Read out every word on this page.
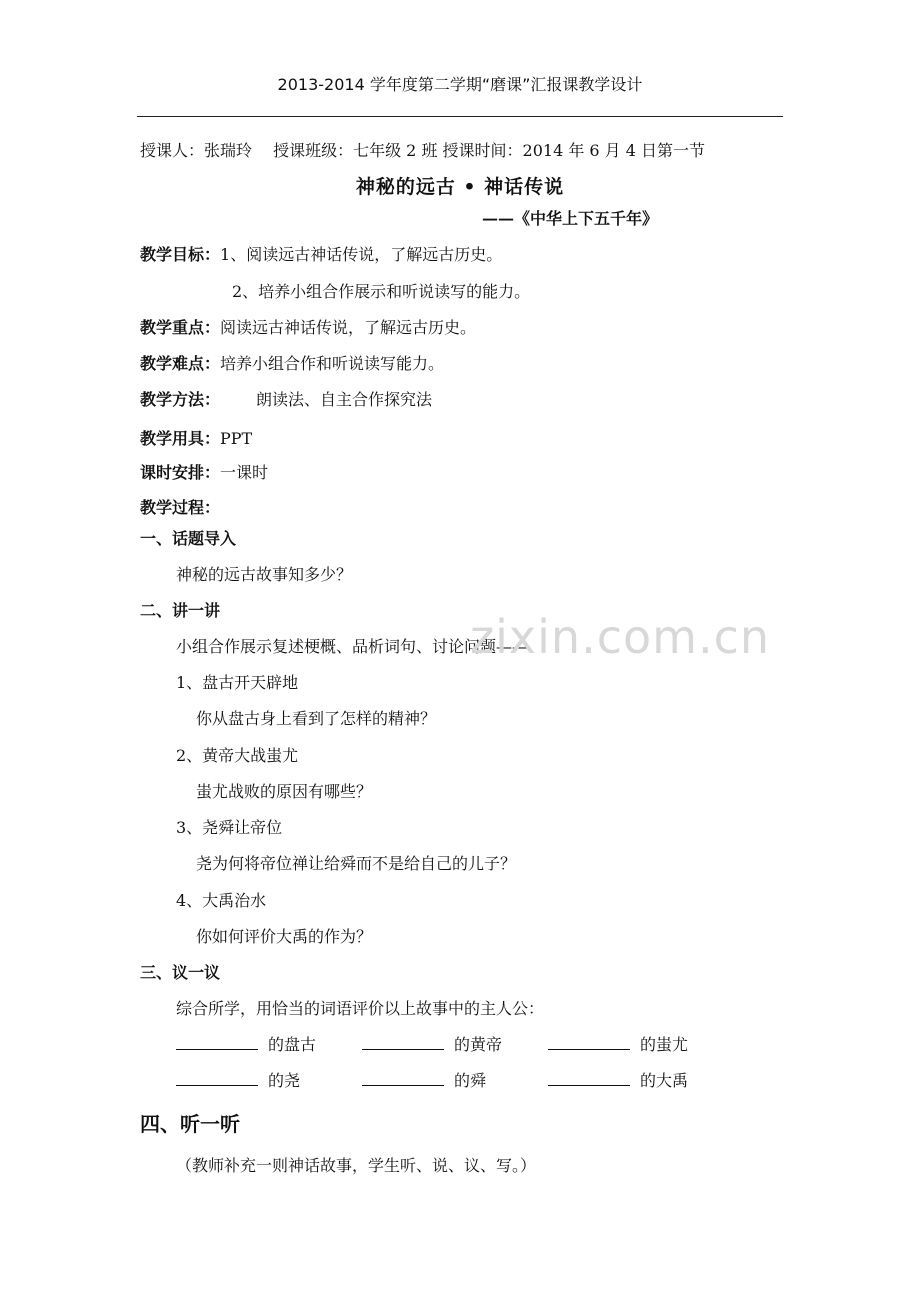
2013-2014 学年度第二学期“磨课”汇报课教学设计
授课人：张瑞玲　 授课班级：七年级 2 班 授课时间：2014 年 6 月 4 日第一节
神秘的远古 • 神话传说
——《中华上下五千年》
教学目标：1、阅读远古神话传说，了解远古历史。
2、培养小组合作展示和听说读写的能力。
教学重点：阅读远古神话传说，了解远古历史。
教学难点：培养小组合作和听说读写能力。
教学方法： 朗读法、自主合作探究法
教学用具：PPT
课时安排：一课时
教学过程：
一、话题导入
神秘的远古故事知多少？
二、讲一讲
小组合作展示复述梗概、品析词句、讨论问题——
1、盘古开天辟地
你从盘古身上看到了怎样的精神？
2、黄帝大战蚩尤
蚩尤战败的原因有哪些？
3、尧舜让帝位
尧为何将帝位禅让给舜而不是给自己的儿子？
4、大禹治水
你如何评价大禹的作为？
三、议一议
综合所学，用恰当的词语评价以上故事中的主人公：
的盘古	的黄帝	的蚩尤
的尧	的舜	的大禹
四、听一听
（教师补充一则神话故事，学生听、说、议、写。）
zixin.com.cn
